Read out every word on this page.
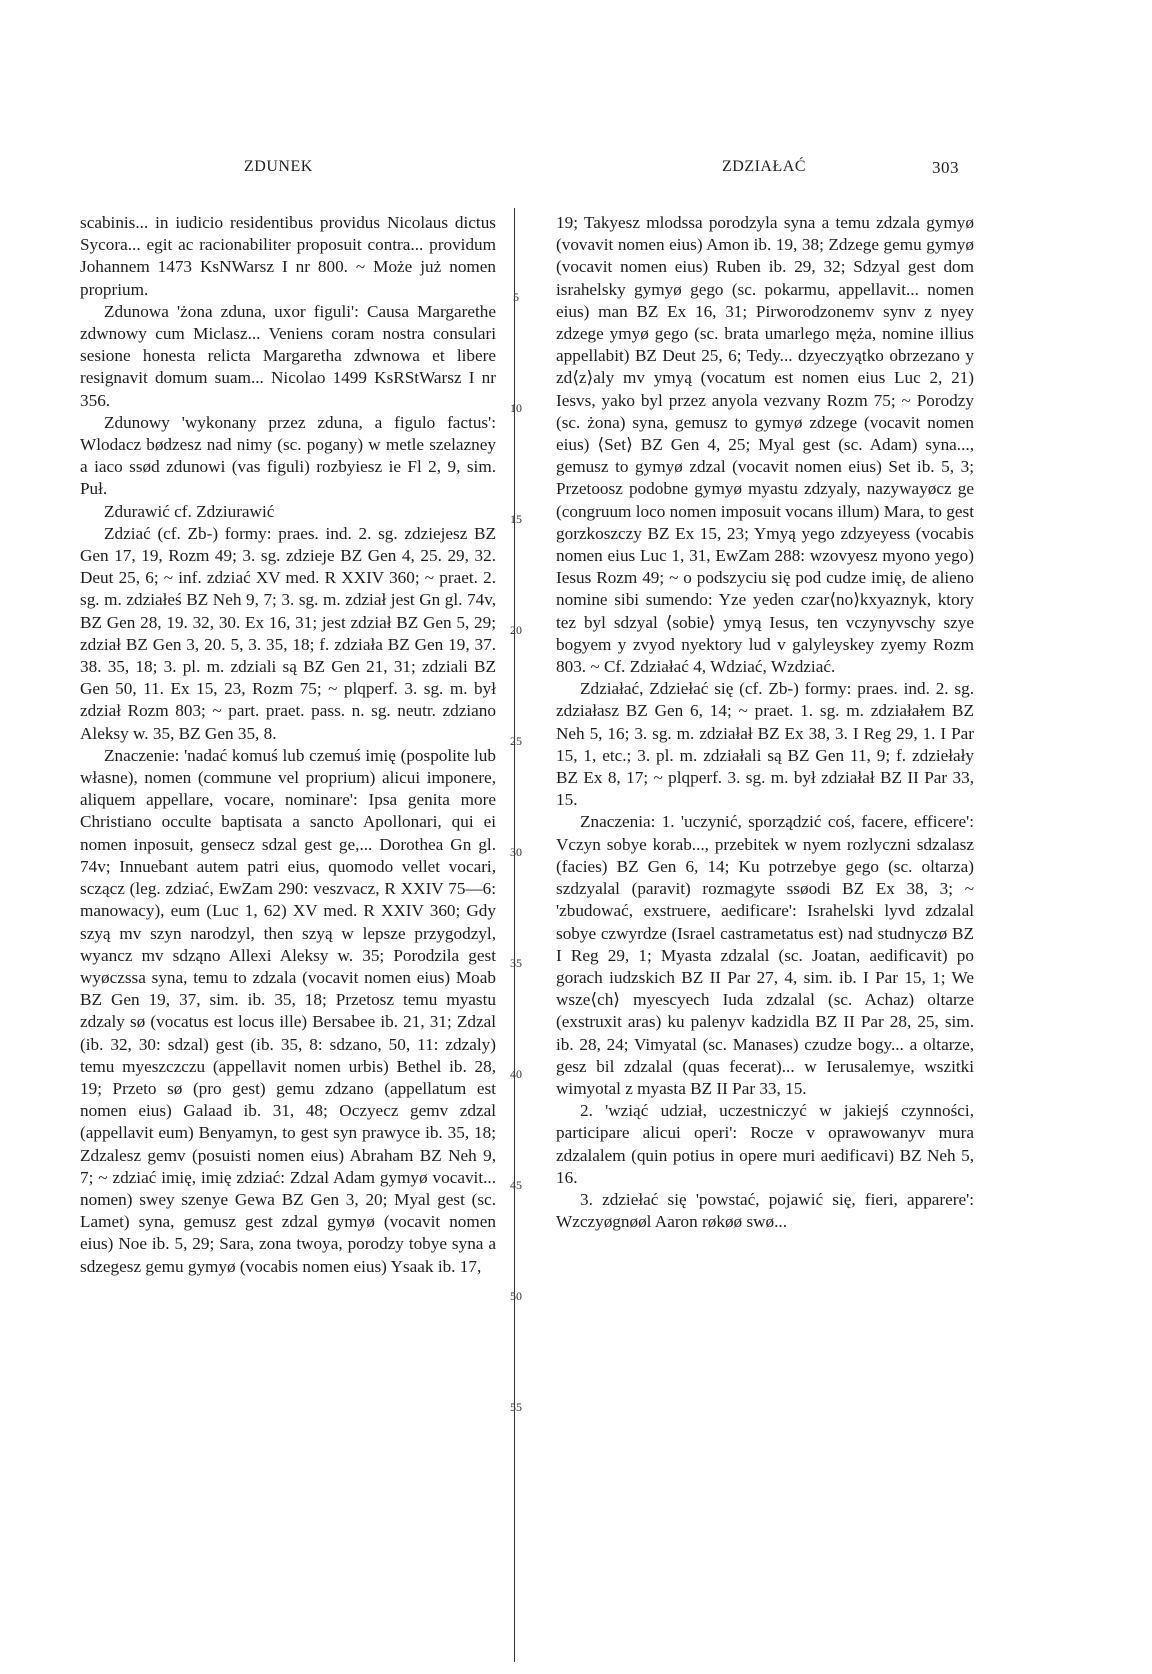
ZDUNEK	ZDZIAŁAĆ	303
5
10
15
20
25
30
35
40
45
50
55

scabinis... in iudicio residentibus providus Nicolaus dictus Sycora... egit ac racionabiliter proposuit contra... providum Johannem 1473 KsNWarsz I nr 800. ~ Może już nomen proprium.

Zdunowa 'żona zduna, uxor figuli': Causa Margarethe zdwnowy cum Miclasz... Veniens coram nostra consulari sesione honesta relicta Margaretha zdwnowa et libere resignavit domum suam... Nicolao 1499 KsRStWarsz I nr 356.

Zdunowy 'wykonany przez zduna, a figulo factus': Wlodacz bødzesz nad nimy (sc. pogany) w metle szelazney a iaco ssød zdunowi (vas figuli) rozbyiesz ie Fl 2, 9, sim. Puł.

Zdurawić cf. Zdziurawić

Zdziać (cf. Zb-) formy: praes. ind. 2. sg. zdziejesz BZ Gen 17, 19, Rozm 49; 3. sg. zdzieje BZ Gen 4, 25. 29, 32. Deut 25, 6; ~ inf. zdziać XV med. R XXIV 360; ~ praet. 2. sg. m. zdziałeś BZ Neh 9, 7; 3. sg. m. zdział jest Gn gl. 74v, BZ Gen 28, 19. 32, 30. Ex 16, 31; jest zdział BZ Gen 5, 29; zdział BZ Gen 3, 20. 5, 3. 35, 18; f. zdziała BZ Gen 19, 37. 38. 35, 18; 3. pl. m. zdziali są BZ Gen 21, 31; zdziali BZ Gen 50, 11. Ex 15, 23, Rozm 75; ~ plqperf. 3. sg. m. był zdział Rozm 803; ~ part. praet. pass. n. sg. neutr. zdziano Aleksy w. 35, BZ Gen 35, 8.

Znaczenie: 'nadać komuś lub czemuś imię (pospolite lub własne), nomen (commune vel proprium) alicui imponere, aliquem appellare, vocare, nominare': Ipsa genita more Christiano occulte baptisata a sancto Apollonari, qui ei nomen inposuit, gensecz sdzal gest ge,... Dorothea Gn gl. 74v; Innuebant autem patri eius, quomodo vellet vocari, scząсz (leg. zdziać, EwZam 290: veszvacz, R XXIV 75—6: manowacy), eum (Luc 1, 62) XV med. R XXIV 360; Gdy szyą mv szyn narodzyl, then szyą w lepsze przygodzyl, wyancz mv sdząno Allexi Aleksy w. 35; Porodzila gest wyøczssa syna, temu to zdzala (vocavit nomen eius) Moab BZ Gen 19, 37, sim. ib. 35, 18; Przetosz temu myastu zdzaly sø (vocatus est locus ille) Bersabee ib. 21, 31; Zdzal (ib. 32, 30: sdzal) gest (ib. 35, 8: sdzano, 50, 11: zdzaly) temu myeszczczu (appellavit nomen urbis) Bethel ib. 28, 19; Przeto sø (pro gest) gemu zdzano (appellatum est nomen eius) Galaad ib. 31, 48; Oczyecz gemv zdzal (appellavit eum) Benyamyn, to gest syn prawyce ib. 35, 18; Zdzalesz gemv (posuisti nomen eius) Abraham BZ Neh 9, 7; ~ zdziać imię, imię zdziać: Zdzal Adam gymyø vocavit... nomen) swey szenye Gewa BZ Gen 3, 20; Myal gest (sc. Lamet) syna, gemusz gest zdzal gymyø (vocavit nomen eius) Noe ib. 5, 29; Sara, zona twoya, porodzy tobye syna a sdzegesz gemu gymyø (vocabis nomen eius) Ysaak ib. 17,

19; Takyesz mlodssa porodzyla syna a temu zdzala gymyø (vovavit nomen eius) Amon ib. 19, 38; Zdzege gemu gymyø (vocavit nomen eius) Ruben ib. 29, 32; Sdzyal gest dom israhelsky gymyø gego (sc. pokarmu, appellavit... nomen eius) man BZ Ex 16, 31; Pirworodzonemv synv z nyey zdzege ymyø gego (sc. brata umarlego męża, nomine illius appellabit) BZ Deut 25, 6; Tedy... dzyeczyątko obrzezano y zd⟨z⟩aly mv ymyą (vocatum est nomen eius Luc 2, 21) Iesvs, yako byl przez anyola vezvany Rozm 75; ~ Porodzy (sc. żona) syna, gemusz to gymyø zdzege (vocavit nomen eius) ⟨Set⟩ BZ Gen 4, 25; Myal gest (sc. Adam) syna..., gemusz to gymyø zdzal (vocavit nomen eius) Set ib. 5, 3; Przetoosz podobne gymyø myastu zdzyaly, nazywayøcz ge (congruum loco nomen imposuit vocans illum) Mara, to gest gorzkoszczy BZ Ex 15, 23; Ymyą yego zdzyeyess (vocabis nomen eius Luc 1, 31, EwZam 288: wzovyesz myono yego) Iesus Rozm 49; ~ o podszyciu się pod cudze imię, de alieno nomine sibi sumendo: Yze yeden czar⟨no⟩kxyaznyk, ktory tez byl sdzyal ⟨sobie⟩ ymyą Iesus, ten vczynyvschy szye bogyem y zvyod nyektory lud v galyleyskey zyemy Rozm 803. ~ Cf. Zdziałać 4, Wdziać, Wzdziać.

Zdziałać, Zdziełać się (cf. Zb-) formy: praes. ind. 2. sg. zdziałasz BZ Gen 6, 14; ~ praet. 1. sg. m. zdziałałem BZ Neh 5, 16; 3. sg. m. zdziałał BZ Ex 38, 3. I Reg 29, 1. I Par 15, 1, etc.; 3. pl. m. zdziałali są BZ Gen 11, 9; f. zdziełały BZ Ex 8, 17; ~ plqperf. 3. sg. m. był zdziałał BZ II Par 33, 15.

Znaczenia: 1. 'uczynić, sporządzić coś, facere, efficere': Vczyn sobye korab..., przebitek w nyem rozlyczni sdzalasz (facies) BZ Gen 6, 14; Ku potrzebye gego (sc. oltarza) szdzyalal (paravit) rozmagyte ssøodi BZ Ex 38, 3; ~ 'zbudować, exstruere, aedificare': Israhelski lyvd zdzalal sobye czwyrdze (Israel castrametatus est) nad studnyczø BZ I Reg 29, 1; Myasta zdzalal (sc. Joatan, aedificavit) po gorach iudzskich BZ II Par 27, 4, sim. ib. I Par 15, 1; We wsze⟨ch⟩ myescyech Iuda zdzalal (sc. Achaz) oltarze (exstruxit aras) ku palenyv kadzidla BZ II Par 28, 25, sim. ib. 28, 24; Vimyatal (sc. Manases) czudze bogy... a oltarze, gesz bil zdzalal (quas fecerat)... w Ierusalemye, wszitki wimyotal z myasta BZ II Par 33, 15.

2. 'wziąć udział, uczestniczyć w jakiejś czynności, participare alicui operi': Rocze v oprawowanyv mura zdzalalem (quin potius in opere muri aedificavi) BZ Neh 5, 16.

3. zdziełać się 'powstać, pojawić się, fieri, apparere': Wzczyøgnøøl Aaron røkøø swø...
